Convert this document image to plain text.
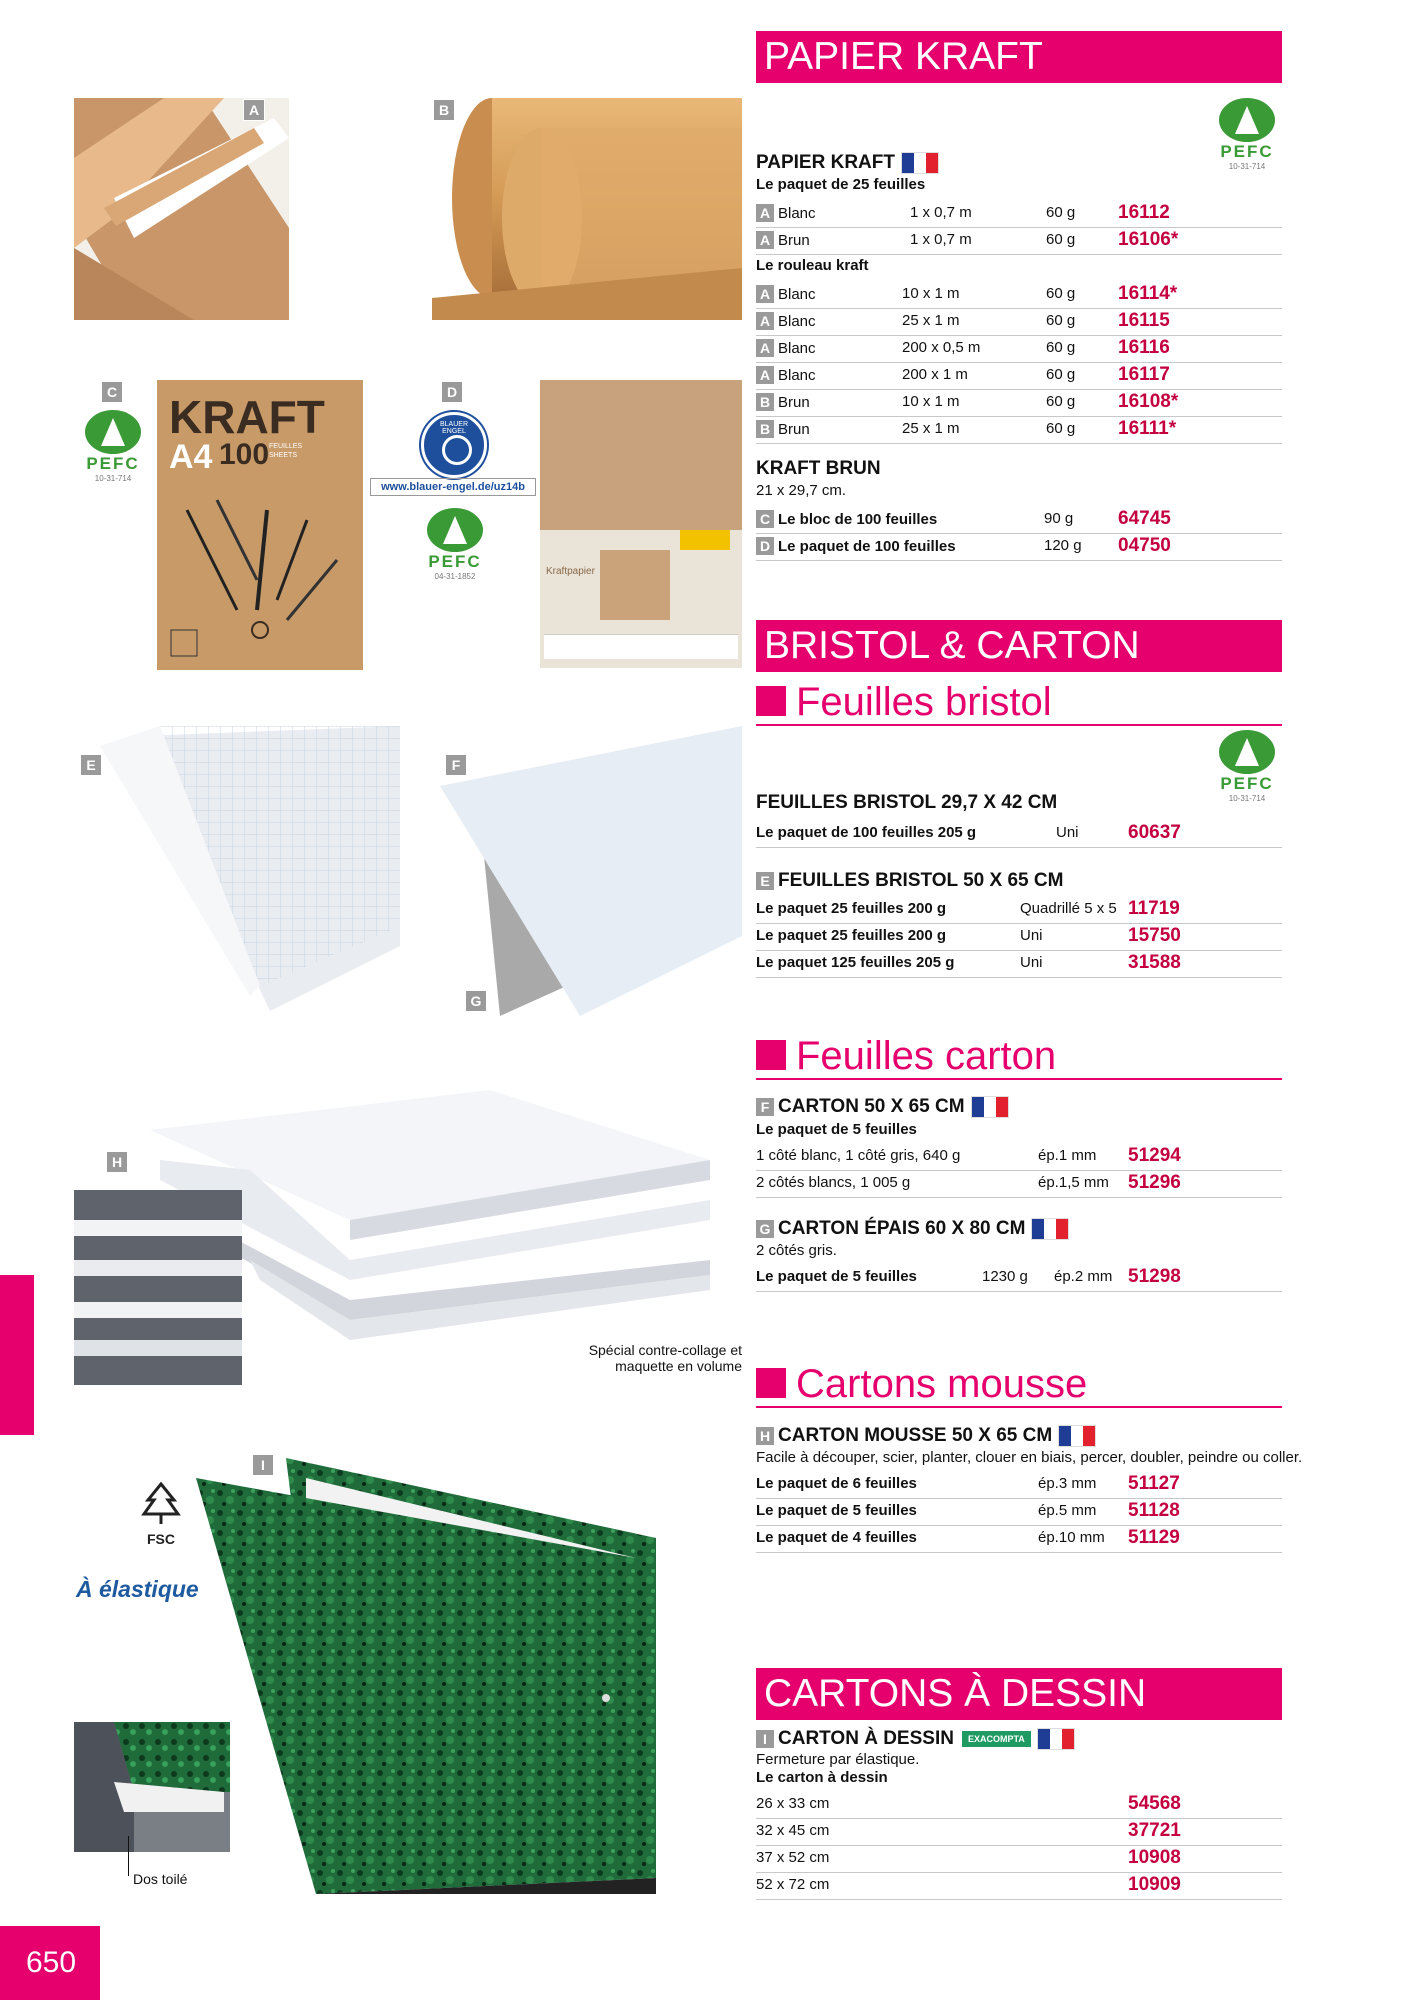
PAPIER KRAFT
PEFC
10-31-714
PAPIER KRAFT
Le paquet de 25 feuilles
A Blanc	1 x 0,7 m	60 g 16112
A Brun	1 x 0,7 m	60 g 16106*
Le rouleau kraft
A Blanc	10 x 1 m	60 g 16114*
A Blanc	25 x 1 m	60 g 16115
A Blanc	200 x 0,5 m	60 g 16116
A Blanc	200 x 1 m	60 g 16117
B Brun	10 x 1 m	60 g 16108*
B Brun	25 x 1 m	60 g 16111*
KRAFT BRUN
21 x 29,7 cm.
C Le bloc de 100 feuilles	90 g 64745
D Le paquet de 100 feuilles	120 g 04750
BRISTOL & CARTON
Feuilles bristol
PEFC
10-31-714
FEUILLES BRISTOL 29,7 X 42 CM
Le paquet de 100 feuilles 205 g	Uni	60637
E FEUILLES BRISTOL 50 X 65 CM
Le paquet 25 feuilles 200 g	Quadrillé 5 x 5 11719
Le paquet 25 feuilles 200 g	Uni	15750
Le paquet 125 feuilles 205 g	Uni	31588
Feuilles carton
F CARTON 50 X 65 CM
Le paquet de 5 feuilles
1 côté blanc, 1 côté gris, 640 g	ép.1 mm 51294
2 côtés blancs, 1 005 g	ép.1,5 mm 51296
G CARTON ÉPAIS 60 X 80 CM
2 côtés gris.
Le paquet de 5 feuilles	1230 g ép.2 mm 51298
Cartons mousse
H CARTON MOUSSE 50 X 65 CM
Facile à découper, scier, planter, clouer en biais, percer, doubler, peindre ou coller.
Le paquet de 6 feuilles	ép.3 mm 51127
Le paquet de 5 feuilles	ép.5 mm 51128
Le paquet de 4 feuilles	ép.10 mm 51129
CARTONS À DESSIN
I CARTON À DESSIN EXACOMPTA
Fermeture par élastique.
Le carton à dessin
26 x 33 cm	54568
32 x 45 cm	37721
37 x 52 cm	10908
52 x 72 cm	10909
A	B
C
PEFC
10-31-714
KRAFT
A4 100 FEUILLES SHEETS
D
BLAUER ENGEL
www.blauer-engel.de/uz14b
PEFC
04-31-1852	Kraftpapier
E	F
G
H
Spécial contre-collage et
maquette en volume
I
FSC
À élastique
Dos toilé
650
